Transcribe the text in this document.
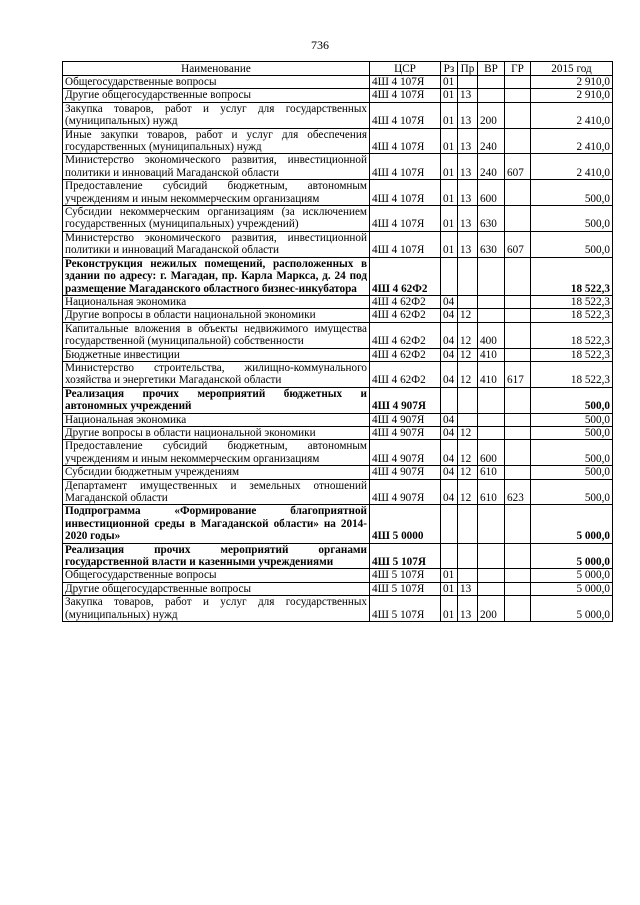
736
Наименование	ЦСР	Рз	Пр	ВР	ГР	2015 год
Общегосударственные вопросы	4Ш 4 107Я	01				2 910,0
Другие общегосударственные вопросы	4Ш 4 107Я	01	13			2 910,0
Закупка товаров, работ и услуг для государственных (муниципальных) нужд	4Ш 4 107Я	01	13	200		2 410,0
Иные закупки товаров, работ и услуг для обеспечения государственных (муниципальных) нужд	4Ш 4 107Я	01	13	240		2 410,0
Министерство экономического развития, инвестиционной политики и инноваций Магаданской области	4Ш 4 107Я	01	13	240	607	2 410,0
Предоставление субсидий бюджетным, автономным учреждениям и иным некоммерческим организациям	4Ш 4 107Я	01	13	600		500,0
Субсидии некоммерческим организациям (за исключением государственных (муниципальных) учреждений)	4Ш 4 107Я	01	13	630		500,0
Министерство экономического развития, инвестиционной политики и инноваций Магаданской области	4Ш 4 107Я	01	13	630	607	500,0
Реконструкция нежилых помещений, расположенных в здании по адресу: г. Магадан, пр. Карла Маркса, д. 24 под размещение Магаданского областного бизнес-инкубатора	4Ш 4 62Ф2					18 522,3
Национальная экономика	4Ш 4 62Ф2	04				18 522,3
Другие вопросы в области национальной экономики	4Ш 4 62Ф2	04	12			18 522,3
Капитальные вложения в объекты недвижимого имущества государственной (муниципальной) собственности	4Ш 4 62Ф2	04	12	400		18 522,3
Бюджетные инвестиции	4Ш 4 62Ф2	04	12	410		18 522,3
Министерство строительства, жилищно-коммунального хозяйства и энергетики Магаданской области	4Ш 4 62Ф2	04	12	410	617	18 522,3
Реализация прочих мероприятий бюджетных и автономных учреждений	4Ш 4 907Я					500,0
Национальная экономика	4Ш 4 907Я	04				500,0
Другие вопросы в области национальной экономики	4Ш 4 907Я	04	12			500,0
Предоставление субсидий бюджетным, автономным учреждениям и иным некоммерческим организациям	4Ш 4 907Я	04	12	600		500,0
Субсидии бюджетным учреждениям	4Ш 4 907Я	04	12	610		500,0
Департамент имущественных и земельных отношений Магаданской области	4Ш 4 907Я	04	12	610	623	500,0
Подпрограмма «Формирование благоприятной инвестиционной среды в Магаданской области» на 2014-2020 годы»	4Ш 5 0000					5 000,0
Реализация прочих мероприятий органами государственной власти и казенными учреждениями	4Ш 5 107Я					5 000,0
Общегосударственные вопросы	4Ш 5 107Я	01				5 000,0
Другие общегосударственные вопросы	4Ш 5 107Я	01	13			5 000,0
Закупка товаров, работ и услуг для государственных (муниципальных) нужд	4Ш 5 107Я	01	13	200		5 000,0
